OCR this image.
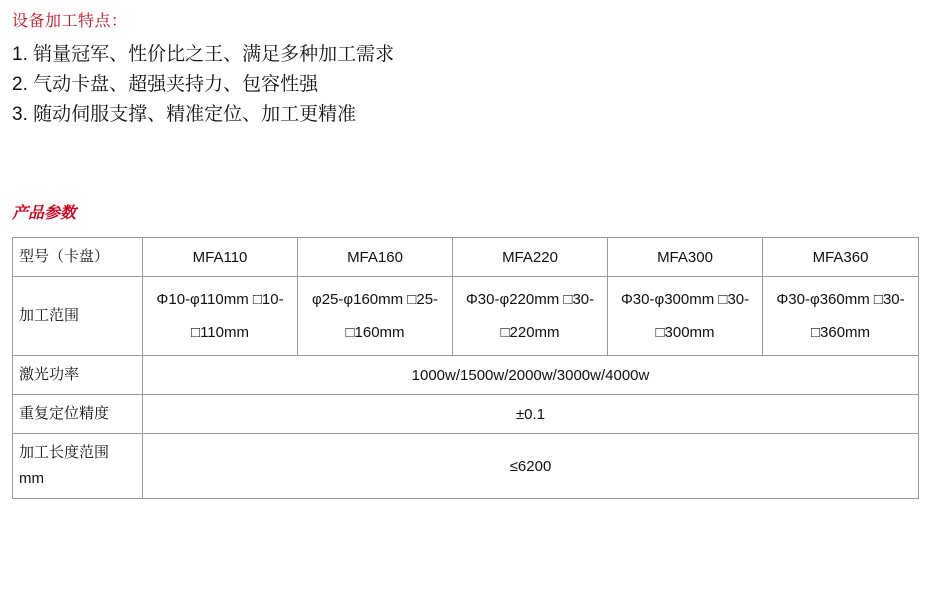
设备加工特点：
1. 销量冠军、性价比之王、满足多种加工需求
2. 气动卡盘、超强夹持力、包容性强
3. 随动伺服支撑、精准定位、加工更精准
产品参数
型号（卡盘）	MFA110	MFA160	MFA220	MFA300	MFA360
加工范围	Φ10-φ110mm □10-□110mm	φ25-φ160mm □25-□160mm	Φ30-φ220mm □30-□220mm	Φ30-φ300mm □30-□300mm	Φ30-φ360mm □30-□360mm
激光功率	1000w/1500w/2000w/3000w/4000w				
重复定位精度	±0.1				
加工长度范围 mm	≤6200				
